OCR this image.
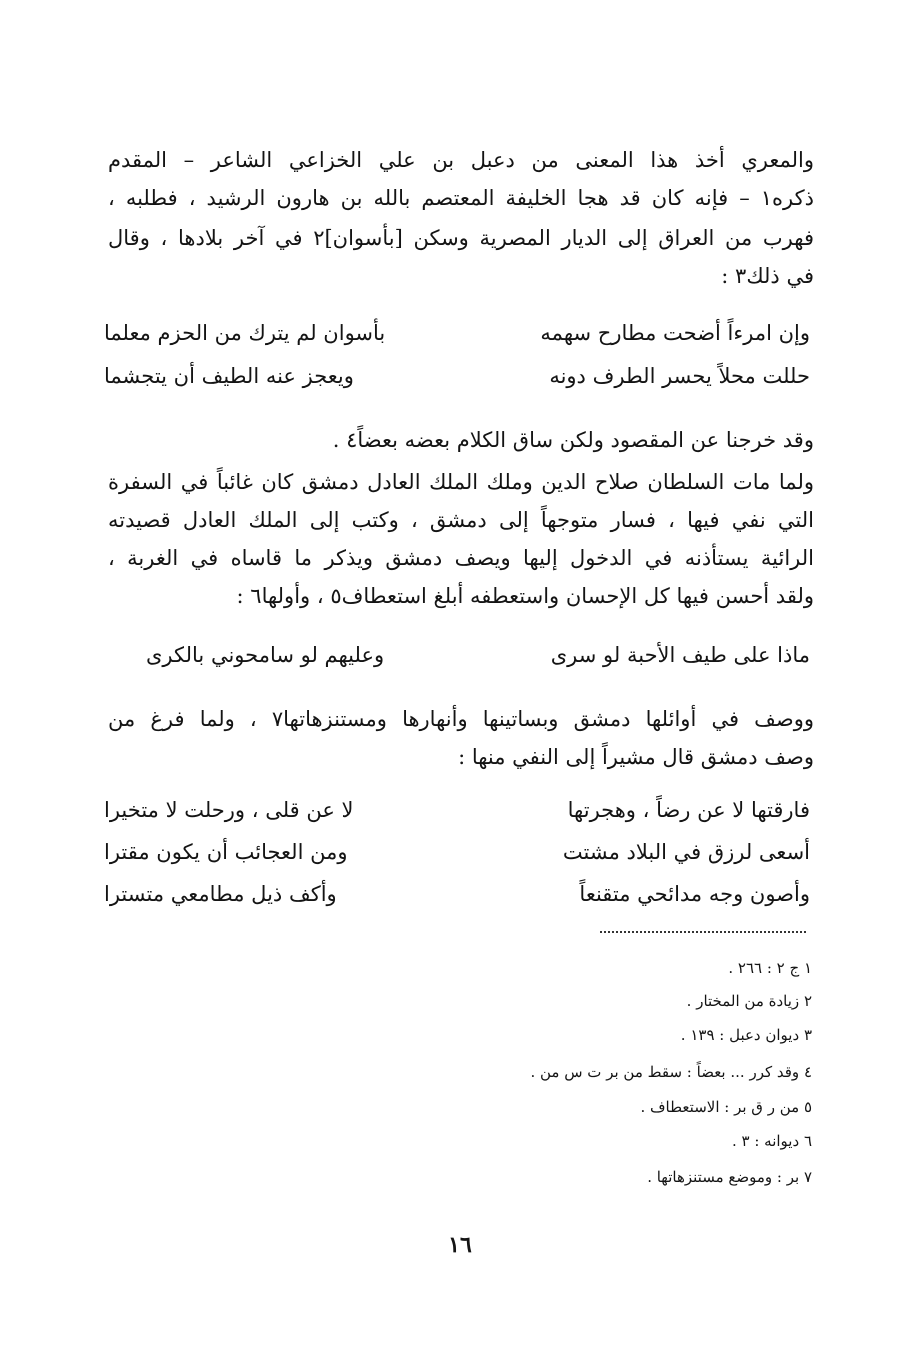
والمعري أخذ هذا المعنى من دعبل بن علي الخزاعي الشاعر – المقدم
ذكره١ – فإنه كان قد هجا الخليفة المعتصم بالله بن هارون الرشيد ، فطلبه ،
فهرب من العراق إلى الديار المصرية وسكن [بأسوان]٢ في آخر بلادها ، وقال
في ذلك٣ :
وإن امرءاً أضحت مطارح سهمه
بأسوان لم يترك من الحزم معلما
حللت محلاً يحسر الطرف دونه
ويعجز عنه الطيف أن يتجشما
وقد خرجنا عن المقصود ولكن ساق الكلام بعضه بعضاً٤ .
ولما مات السلطان صلاح الدين وملك الملك العادل دمشق كان غائباً في السفرة
التي نفي فيها ، فسار متوجهاً إلى دمشق ، وكتب إلى الملك العادل قصيدته
الرائية يستأذنه في الدخول إليها ويصف دمشق ويذكر ما قاساه في الغربة ،
ولقد أحسن فيها كل الإحسان واستعطفه أبلغ استعطاف٥ ، وأولها٦ :
ماذا على طيف الأحبة لو سرى
وعليهم لو سامحوني بالكرى
ووصف في أوائلها دمشق وبساتينها وأنهارها ومستنزهاتها٧ ، ولما فرغ من
وصف دمشق قال مشيراً إلى النفي منها :
فارقتها لا عن رضاً ، وهجرتها
لا عن قلى ، ورحلت لا متخيرا
أسعى لرزق في البلاد مشتت
ومن العجائب أن يكون مقترا
وأصون وجه مدائحي متقنعاً
وأكف ذيل مطامعي متسترا
١ ج ٢ : ٢٦٦ .
٢ زيادة من المختار .
٣ ديوان دعبل : ١٣٩ .
٤ وقد كرر ... بعضاً : سقط من بر ت س من .
٥ من ر ق بر : الاستعطاف .
٦ ديوانه : ٣ .
٧ بر : وموضع مستنزهاتها .
١٦
